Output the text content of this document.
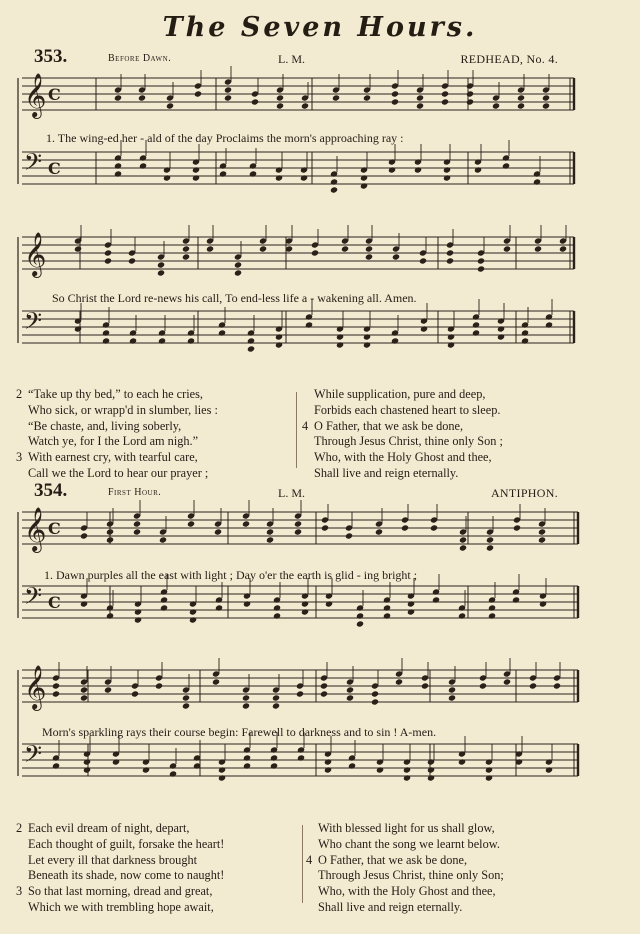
The Seven Hours.
353.	Before Dawn.	L. M.	REDHEAD, No. 4.
𝄞 C
𝄢 C
1. The wing-ed her - ald of the day Proclaims the morn's approaching ray :
𝄞
𝄢
So Christ the Lord re-news his call, To end-less life a - wakening all. Amen.
2 “Take up thy bed,” to each he cries,
Who sick, or wrapp'd in slumber, lies :
“Be chaste, and, living soberly,
Watch ye, for I the Lord am nigh.”
3 With earnest cry, with tearful care,
Call we the Lord to hear our prayer ;
While supplication, pure and deep,
Forbids each chastened heart to sleep.
4 O Father, that we ask be done,
Through Jesus Christ, thine only Son ;
Who, with the Holy Ghost and thee,
Shall live and reign eternally.
354.	First Hour.	L. M.	ANTIPHON.
𝄞 C
𝄢 C
1. Dawn purples all the east with light ; Day o'er the earth is glid - ing bright ;
𝄞
𝄢
Morn's sparkling rays their course begin: Farewell to darkness and to sin ! A-men.
2 Each evil dream of night, depart,
Each thought of guilt, forsake the heart!
Let every ill that darkness brought
Beneath its shade, now come to naught!
3 So that last morning, dread and great,
Which we with trembling hope await,
With blessed light for us shall glow,
Who chant the song we learnt below.
4 O Father, that we ask be done,
Through Jesus Christ, thine only Son;
Who, with the Holy Ghost and thee,
Shall live and reign eternally.
